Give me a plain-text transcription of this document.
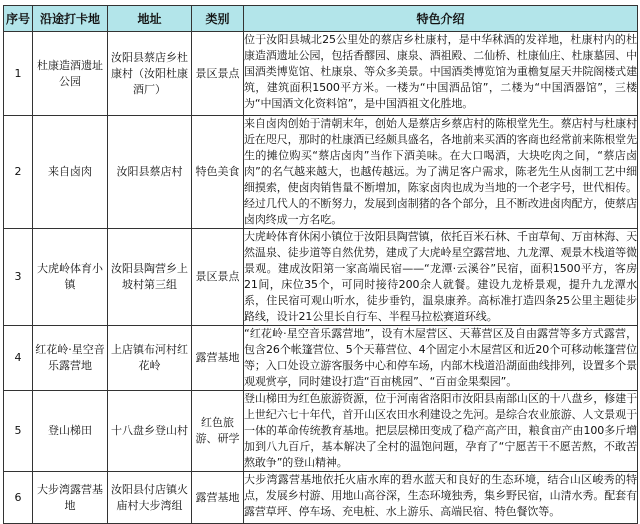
序号	沿途打卡地	地址	类别	特色介绍
1	杜康造酒遗址公园	汝阳县蔡店乡杜康村（汝阳杜康酒厂）	景区景点	位于汝阳县城北25公里处的蔡店乡杜康村，是中华秫酒的发祥地，杜康村内的杜康造酒遗址公园，包括香醪园、康泉、酒祖殿、二仙桥、杜康仙庄、杜康墓园、中国酒类博览馆、杜康泉、等众多美景。中国酒类博览馆为重檐复屋天井院阁楼式建筑，建筑面积1500平方米。一楼为“中国酒品馆”，二楼为“中国酒器馆”，三楼为“中国酒文化资料馆”，是中国酒祖文化胜地。
2	来自卤肉	汝阳县蔡店村	特色美食	来自卤肉创始于清朝末年，创始人是蔡店乡蔡店村的陈根堂先生。蔡店村与杜康村近在咫尺，那时的杜康酒已经颇具盛名，各地前来买酒的客商也经常前来陈根堂先生的摊位购买“蔡店卤肉”当作下酒美味。在大口喝酒，大块吃肉之间，“蔡店卤肉”的名气越来越大，也越传越远。为了满足客户需求，陈老先生从卤制工艺中细细摸索，使卤肉销售量不断增加，陈家卤肉也成为当地的一个老字号，世代相传。经过几代人的不断努力，发展到卤制猪的各个部分，且不断改进卤肉配方，使蔡店卤肉终成一方名吃。
3	大虎岭体育小镇	汝阳县陶营乡上坡村第三组	景区景点	大虎岭体育休闲小镇位于汝阳县陶营镇，依托百米石林、千亩草甸、万亩林海、天然温泉、徒步道等自然优势，建成了大虎岭星空露营地、九龙潭、观景木栈道等微景观。建成汝阳第一家高端民宿——“龙潭·云溪谷”民宿，面积1500平方，客房21间，床位35个，可同时接待200余人就餐。建设九龙桥景观，提升九龙潭水系，住民宿可观山听水，徒步垂钓，温泉康养。高标准打造四条25公里主题徒步路线，设计21公里长自行车、半程马拉松赛道环线。
4	红花岭·星空音乐露营地	上店镇布河村红花岭	露营基地	“红花岭·星空音乐露营地”，设有木屋营区、天幕营区及自由露营等多方式露营，包含26个帐篷营位、5个天幕营位、4个固定小木屋营区和近20个可移动帐篷营位等；入口处设立游客服务中心和停车场，内部木栈道沿湖面曲线排列，设置多个景观观赏亭，同时建设打造“百亩桃园”、“百亩金果梨园”。
5	登山梯田	十八盘乡登山村	红色旅游、研学	登山梯田为红色旅游资源，位于河南省洛阳市汝阳县南部山区的十八盘乡，修建于上世纪六七十年代，首开山区农田水利建设之先河。是综合农业旅游、人文景观于一体的革命传统教育基地。把层层梯田变成了稳产高产田，粮食亩产由100多斤增加到八九百斤，基本解决了全村的温饱问题，孕育了“宁愿苦干不愿苦熬，不敢苦熬敢争”的登山精神。
6	大步湾露营基地	汝阳县付店镇火庙村大步湾组	露营基地	大步湾露营基地依托火庙水库的碧水蓝天和良好的生态环境，结合山区峻秀的特点，发展乡村游、用地山高谷深，生态环境独秀，集乡野民宿，山清水秀。配套有露营草坪、停车场、充电桩、水上游乐、高端民宿、特色餐饮等。
